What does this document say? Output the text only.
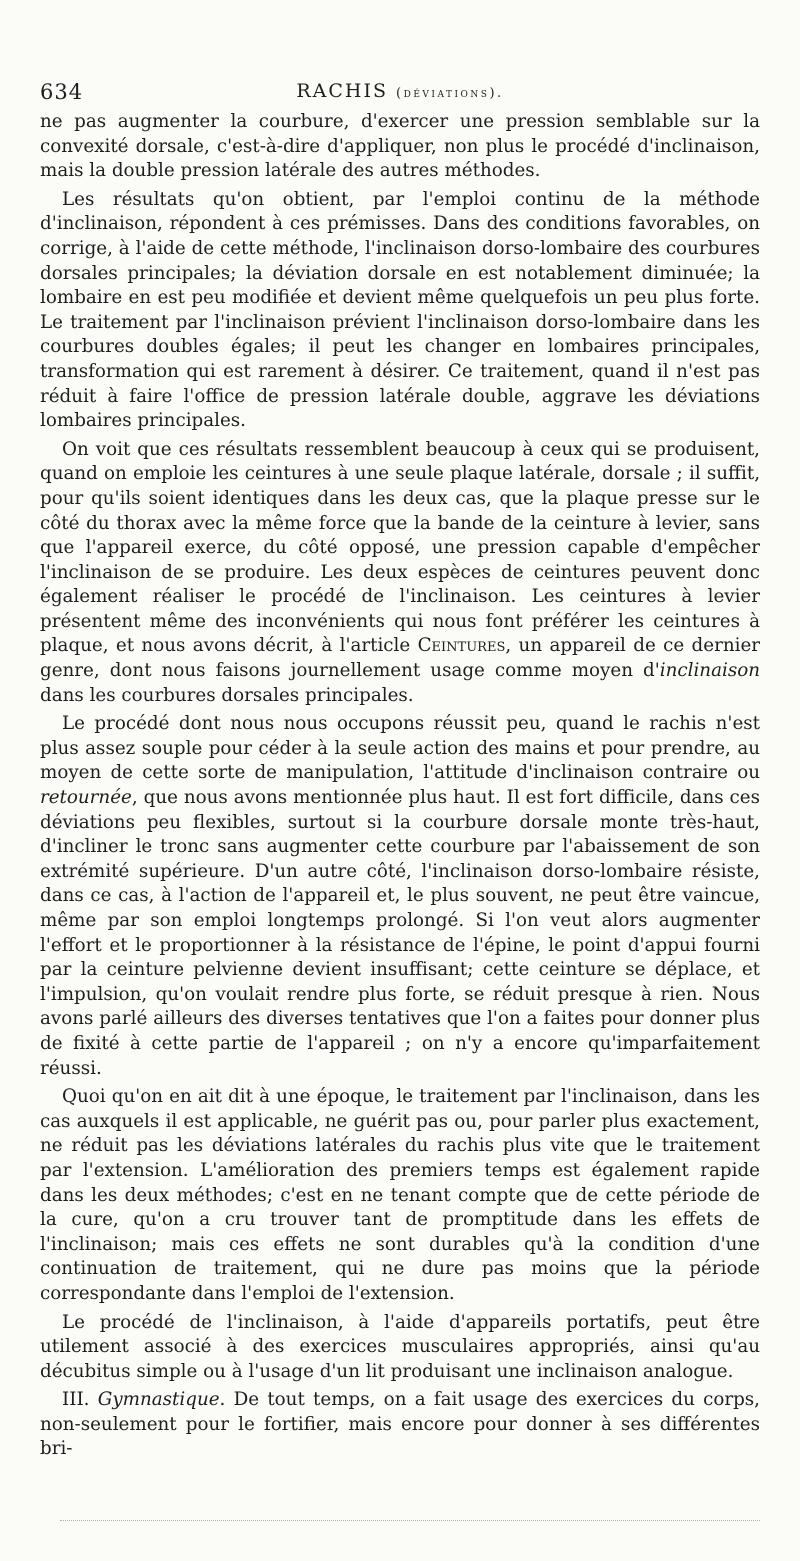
634	RACHIS (déviations).

ne pas augmenter la courbure, d'exercer une pression semblable sur la convexité dorsale, c'est-à-dire d'appliquer, non plus le procédé d'inclinaison, mais la double pression latérale des autres méthodes.

Les résultats qu'on obtient, par l'emploi continu de la méthode d'inclinaison, répondent à ces prémisses. Dans des conditions favorables, on corrige, à l'aide de cette méthode, l'inclinaison dorso-lombaire des courbures dorsales principales; la déviation dorsale en est notablement diminuée; la lombaire en est peu modifiée et devient même quelquefois un peu plus forte. Le traitement par l'inclinaison prévient l'inclinaison dorso-lombaire dans les courbures doubles égales; il peut les changer en lombaires principales, transformation qui est rarement à désirer. Ce traitement, quand il n'est pas réduit à faire l'office de pression latérale double, aggrave les déviations lombaires principales.

On voit que ces résultats ressemblent beaucoup à ceux qui se produisent, quand on emploie les ceintures à une seule plaque latérale, dorsale ; il suffit, pour qu'ils soient identiques dans les deux cas, que la plaque presse sur le côté du thorax avec la même force que la bande de la ceinture à levier, sans que l'appareil exerce, du côté opposé, une pression capable d'empêcher l'inclinaison de se produire. Les deux espèces de ceintures peuvent donc également réaliser le procédé de l'inclinaison. Les ceintures à levier présentent même des inconvénients qui nous font préférer les ceintures à plaque, et nous avons décrit, à l'article Ceintures, un appareil de ce dernier genre, dont nous faisons journellement usage comme moyen d'inclinaison dans les courbures dorsales principales.

Le procédé dont nous nous occupons réussit peu, quand le rachis n'est plus assez souple pour céder à la seule action des mains et pour prendre, au moyen de cette sorte de manipulation, l'attitude d'inclinaison contraire ou retournée, que nous avons mentionnée plus haut. Il est fort difficile, dans ces déviations peu flexibles, surtout si la courbure dorsale monte très-haut, d'incliner le tronc sans augmenter cette courbure par l'abaissement de son extrémité supérieure. D'un autre côté, l'inclinaison dorso-lombaire résiste, dans ce cas, à l'action de l'appareil et, le plus souvent, ne peut être vaincue, même par son emploi longtemps prolongé. Si l'on veut alors augmenter l'effort et le proportionner à la résistance de l'épine, le point d'appui fourni par la ceinture pelvienne devient insuffisant; cette ceinture se déplace, et l'impulsion, qu'on voulait rendre plus forte, se réduit presque à rien. Nous avons parlé ailleurs des diverses tentatives que l'on a faites pour donner plus de fixité à cette partie de l'appareil ; on n'y a encore qu'imparfaitement réussi.

Quoi qu'on en ait dit à une époque, le traitement par l'inclinaison, dans les cas auxquels il est applicable, ne guérit pas ou, pour parler plus exactement, ne réduit pas les déviations latérales du rachis plus vite que le traitement par l'extension. L'amélioration des premiers temps est également rapide dans les deux méthodes; c'est en ne tenant compte que de cette période de la cure, qu'on a cru trouver tant de promptitude dans les effets de l'inclinaison; mais ces effets ne sont durables qu'à la condition d'une continuation de traitement, qui ne dure pas moins que la période correspondante dans l'emploi de l'extension.

Le procédé de l'inclinaison, à l'aide d'appareils portatifs, peut être utilement associé à des exercices musculaires appropriés, ainsi qu'au décubitus simple ou à l'usage d'un lit produisant une inclinaison analogue.

III. Gymnastique. De tout temps, on a fait usage des exercices du corps, non-seulement pour le fortifier, mais encore pour donner à ses différentes bri-
